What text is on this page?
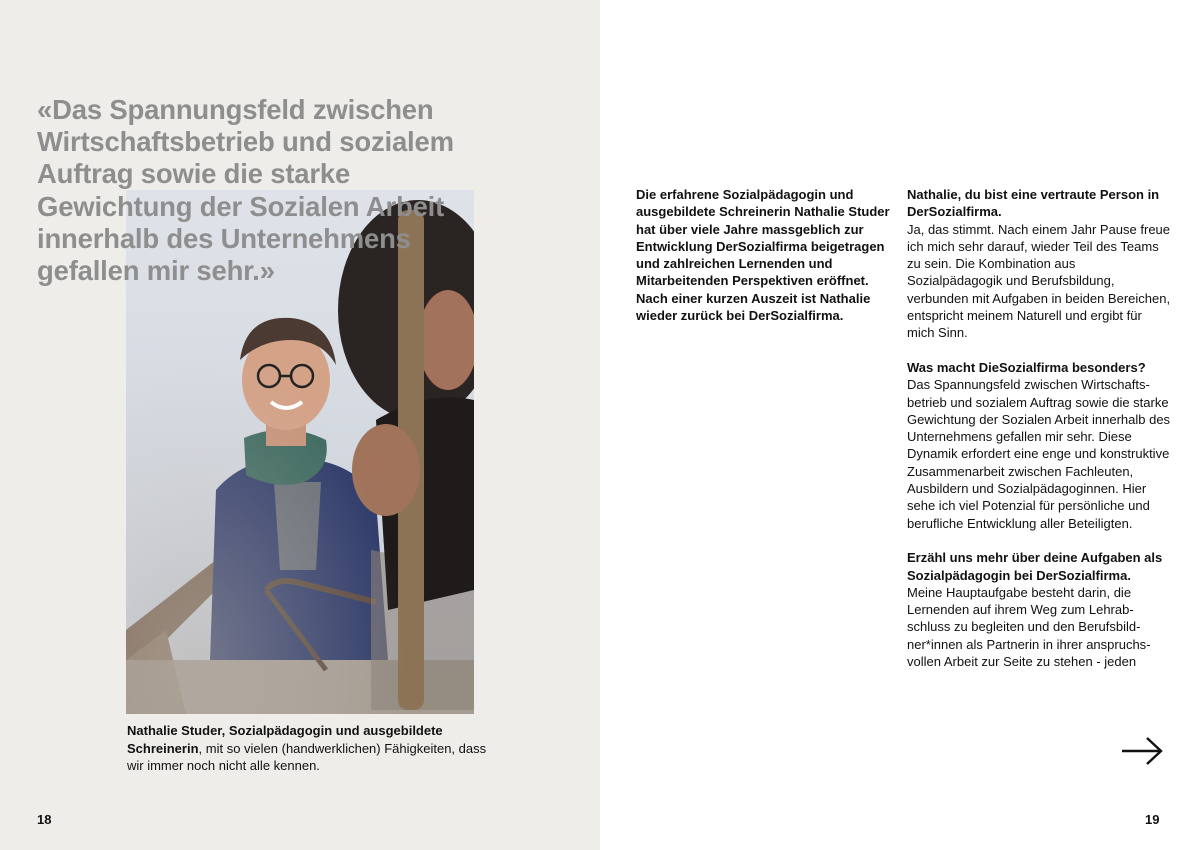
«Das Spannungsfeld zwischen Wirtschaftsbetrieb und sozialem Auftrag sowie die starke Gewichtung der Sozialen Arbeit innerhalb des Unternehmens gefallen mir sehr.»

Nathalie Studer, Sozialpädagogin und ausgebildete Schreinerin, mit so vielen (handwerklichen) Fähigkeiten, dass wir immer noch nicht alle kennen.

18

Die erfahrene Sozialpädagogin und ausgebildete Schreinerin Nathalie Studer hat über viele Jahre massgeblich zur Entwicklung DerSozialfirma beigetragen und zahlreichen Lernenden und Mitarbeitenden Perspektiven eröffnet. Nach einer kurzen Auszeit ist Nathalie wieder zurück bei DerSozialfirma.

Nathalie, du bist eine vertraute Person in DerSozialfirma.

Ja, das stimmt. Nach einem Jahr Pause freue ich mich sehr darauf, wieder Teil des Teams zu sein. Die Kombination aus Sozialpädagogik und Berufsbildung, verbunden mit Aufgaben in beiden Bereichen, entspricht meinem Naturell und ergibt für mich Sinn.

Was macht DieSozialfirma besonders?

Das Spannungsfeld zwischen Wirtschaftsbetrieb und sozialem Auftrag sowie die starke Gewichtung der Sozialen Arbeit innerhalb des Unternehmens gefallen mir sehr. Diese Dynamik erfordert eine enge und konstruktive Zusammenarbeit zwischen Fachleuten, Ausbildern und Sozialpädagoginnen. Hier sehe ich viel Potenzial für persönliche und berufliche Entwicklung aller Beteiligten.

Erzähl uns mehr über deine Aufgaben als Sozialpädagogin bei DerSozialfirma.

Meine Hauptaufgabe besteht darin, die Lernenden auf ihrem Weg zum Lehrabschluss zu begleiten und den Berufsbildner*innen als Partnerin in ihrer anspruchsvollen Arbeit zur Seite zu stehen - jeden

19
